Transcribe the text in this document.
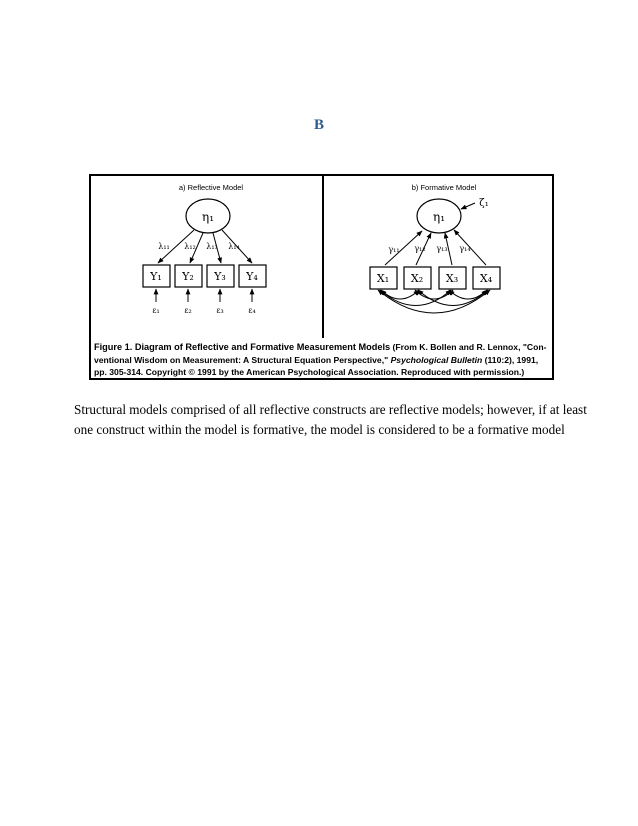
B
a) Reflective Model
η₁
λ₁₁ λ₁₂ λ₁₃ λ₁₄
Y₁ Y₂ Y₃ Y₄
ε₁	ε₂	ε₃	ε₄
b) Formative Model
η₁
ζ₁
γ₁₁ γ₁₂ γ₁₃ γ₁₄
X₁ X₂ X₃ X₄
Figure 1. Diagram of Reflective and Formative Measurement Models (From K. Bollen and R. Lennox, "Con-ventional Wisdom on Measurement: A Structural Equation Perspective," Psychological Bulletin (110:2), 1991, pp. 305-314. Copyright © 1991 by the American Psychological Association. Reproduced with permission.)
Structural models comprised of all reflective constructs are reflective models; however, if at least
one construct within the model is formative, the model is considered to be a formative model
